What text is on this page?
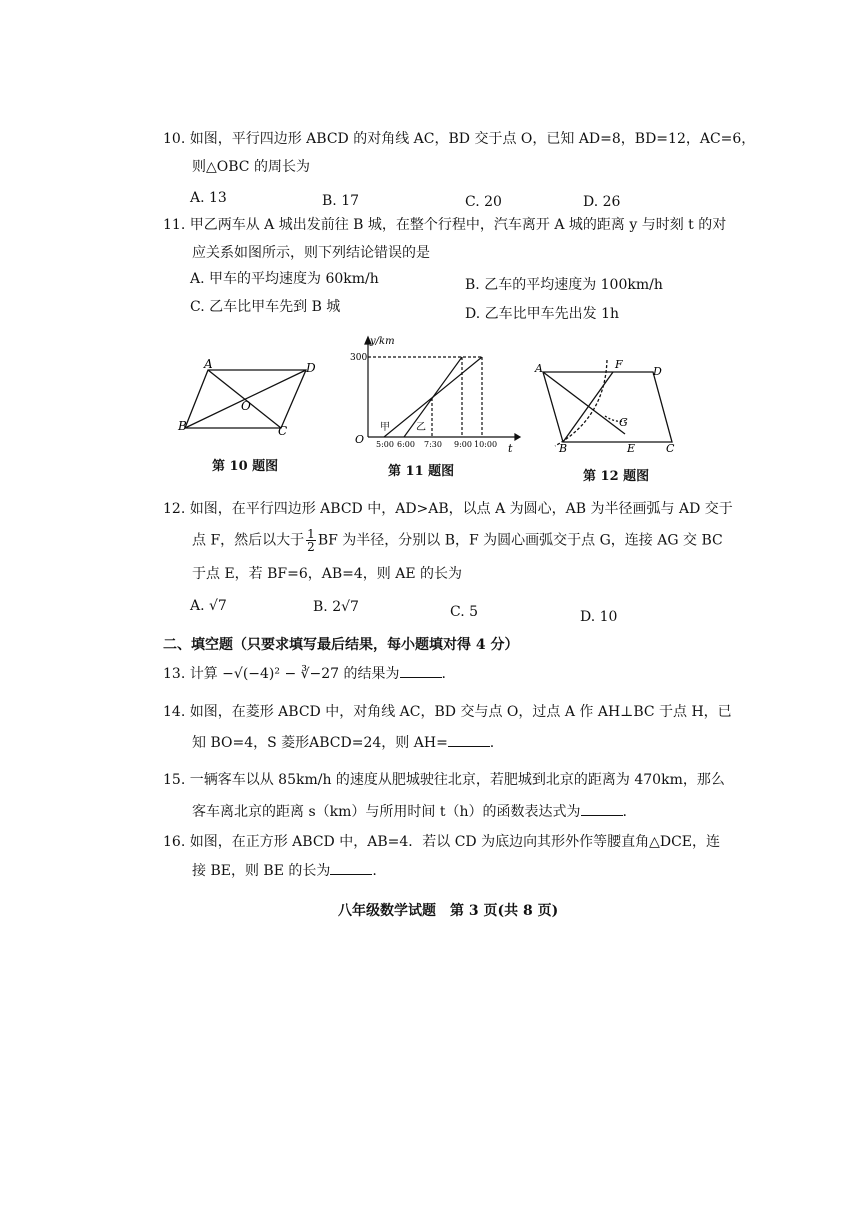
10. 如图，平行四边形 ABCD 的对角线 AC，BD 交于点 O，已知 AD=8，BD=12，AC=6，
则△OBC 的周长为
A. 13	B. 17	C. 20	D. 26
11. 甲乙两车从 A 城出发前往 B 城，在整个行程中，汽车离开 A 城的距离 y 与时刻 t 的对
应关系如图所示，则下列结论错误的是
A. 甲车的平均速度为 60km/h	B. 乙车的平均速度为 100km/h
C. 乙车比甲车先到 B 城	D. 乙车比甲车先出发 1h
A	D
B	C
O
第 10 题图
y/km
300
O
t
5:00 6:00 7:30 9:00 10:00
甲	乙
第 11 题图
A	F
D
G
B	E	C
第 12 题图
12. 如图，在平行四边形 ABCD 中，AD>AB，以点 A 为圆心，AB 为半径画弧与 AD 交于
点 F，然后以大于 $\frac{1}{2}$ BF 为半径，分别以 B，F 为圆心画弧交于点 G，连接 AG 交 BC
于点 E，若 BF=6，AB=4，则 AE 的长为
A. √7	B. 2√7	C. 5	D. 10
二、填空题（只要求填写最后结果，每小题填对得 4 分）
13. 计算 −√(−4)² − ∛−27 的结果为	.
14. 如图，在菱形 ABCD 中，对角线 AC，BD 交与点 O，过点 A 作 AH⊥BC 于点 H，已
知 BO=4，S 菱形ABCD=24，则 AH=	.
15. 一辆客车以从 85km/h 的速度从肥城驶往北京，若肥城到北京的距离为 470km，那么
客车离北京的距离 s（km）与所用时间 t（h）的函数表达式为	.
16. 如图，在正方形 ABCD 中，AB=4．若以 CD 为底边向其形外作等腰直角△DCE，连
接 BE，则 BE 的长为	.
八年级数学试题　第 3 页(共 8 页)
